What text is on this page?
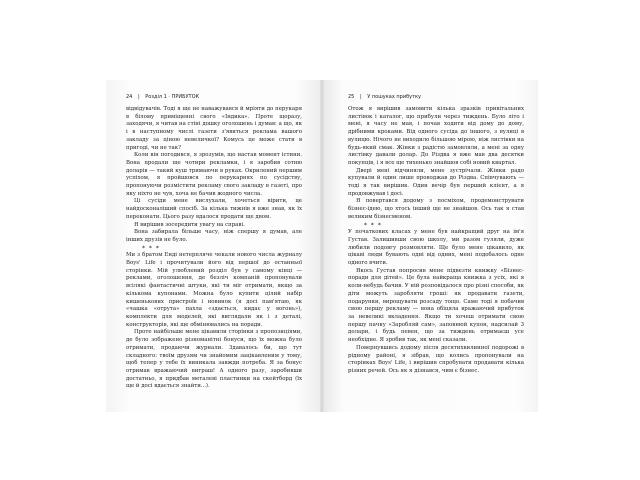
24 | Розділ 1 · ПРИБУТОК

відвідувачів. Тоді я ще не наважувався й мріяти до перукаря в білому приміщенні свого «Індика». Проте щоразу, заходячи, я читав на стіні дошку оголошень і думав: а що, як і в наступному числі газети з'явиться реклама вашого закладу за ціною невеличкої? Комусь це може стати в пригоді, чи не так?

Коли він погодився, я зрозумів, що настав момент істини. Вона продали ще чотири рекламки, і я заробив сотню доларів — такий куш тримаючи в руках. Окрилений першим успіхом, я пройшовся по перукарнях по сусідству, пропонуючи розмістити рекламу свого закладу в газеті, про яку ніхто не чув, хоча не бачив жодного числа.

Ці сусіди мене вислухали, хочеться вірити, це найдосконаліший спосіб. За кілька тижнів я вже знав, як їх переконати. Цього разу вдалося продати ще двом.

Я вирішив зосередити увагу на справі.

Вона забирала більше часу, ніж спершу я думав, але інших друзів не було.

* * *

Ми з братом Енді нетерпляче чекали нового числа журналу Boys' Life і прочитували його від першої до останньої сторінки. Мій улюблений розділ був у самому кінці — реклами, оголошення, де безліч компаній пропонували всілякі фантастичні штуки, які ти міг отримати, якщо за кількома купонами. Можна було купити цілий набір кишенькових пристроїв і новинок (я досі пам'ятаю, як «чашка «отрута» пахла «здається, кидає у вогонь»), комплекти для моделей, які виглядали як і з деталі, конструкторів, які ще обмінювались на поради.

Проте найбільше мене цікавили сторінки з пропозиціями, де було зображено різноманітні бонуси, що їх можна було отримати, продаючи журнали. Здавалось би, що тут складного: твоїм друзям чи знайомим зацікавленим у тому, щоб тепер у тебе їх виникала завжди потреба. Я за бонус отримав вражаючий виграш! А одного разу, заробивши достатньо, я придбав металеві пластинки на скейтборд (їх ще й досі вдається знайти...).

25 | У пошуках прибутку

Отож я вирішив замовити кілька зразків привітальних листівок і каталог, що прибули через тиждень. Було літо і мені, я часу не мав, і почав ходити від дому до дому, дрібними кроками. Від одного сусіда до іншого, з вулиці в вулицю. Нічого не виходило більшою мірою, ніж листівки на будь-який смак. Жінки з радістю замовляли, а мені за одну листівку давали долар. До Різдва я вже мав два десятки покупців, і я все ще тихенько знайшов собі новий квартал.

Двері мені відчиняли, мене зустрічали. Жінки радо купували й один лише проводжав до Різдва. Співчувають — тоді я так вирішив. Один вечір був перший клієнт, а я продовжував і досі.

Я повертався додому з посміхом, продемонструвати бізнес-ідею, що хтось інший ще не знайшов. Ось так я став великим бізнесменом.

* * *

У початкових класах у мене був найкращий друг на ім'я Густав. Залишивши свою школу, ми разом гуляли, дуже любили подовгу розмовляти. Ще було мене цікавило, як цікаві люди бувають одні від одних, мені подобалось одне одного вчити.

Якось Густав попросив мене підвезти книжку «Бізнес-поради для дітей». Це була найкраща книжка з усіх, які я коли-небудь бачив. У ній розповідалося про різні способи, як діти можуть заробляти гроші: як продавати газети, подарунки, вирощувати розсаду тощо. Саме тоді я побачив свою першу рекламу — вона обіцяла вражаючий прибуток за невеликі вкладення. Якщо ти хочеш отримати свою першу пачку «Заробляй сам», заповнюй купон, надсилай 3 долари, і будь певен, що за тиждень отримаєш усе необхідне. Я зробив так, як мені сказали.

Повернувшись додому після десятихвилинної подорожі в рідному районі, я зібрав, що колись пропонували на сторінках Boys' Life, і вирішив спробувати продавати кілька різних речей. Ось як я дізнався, чим є бізнес.
